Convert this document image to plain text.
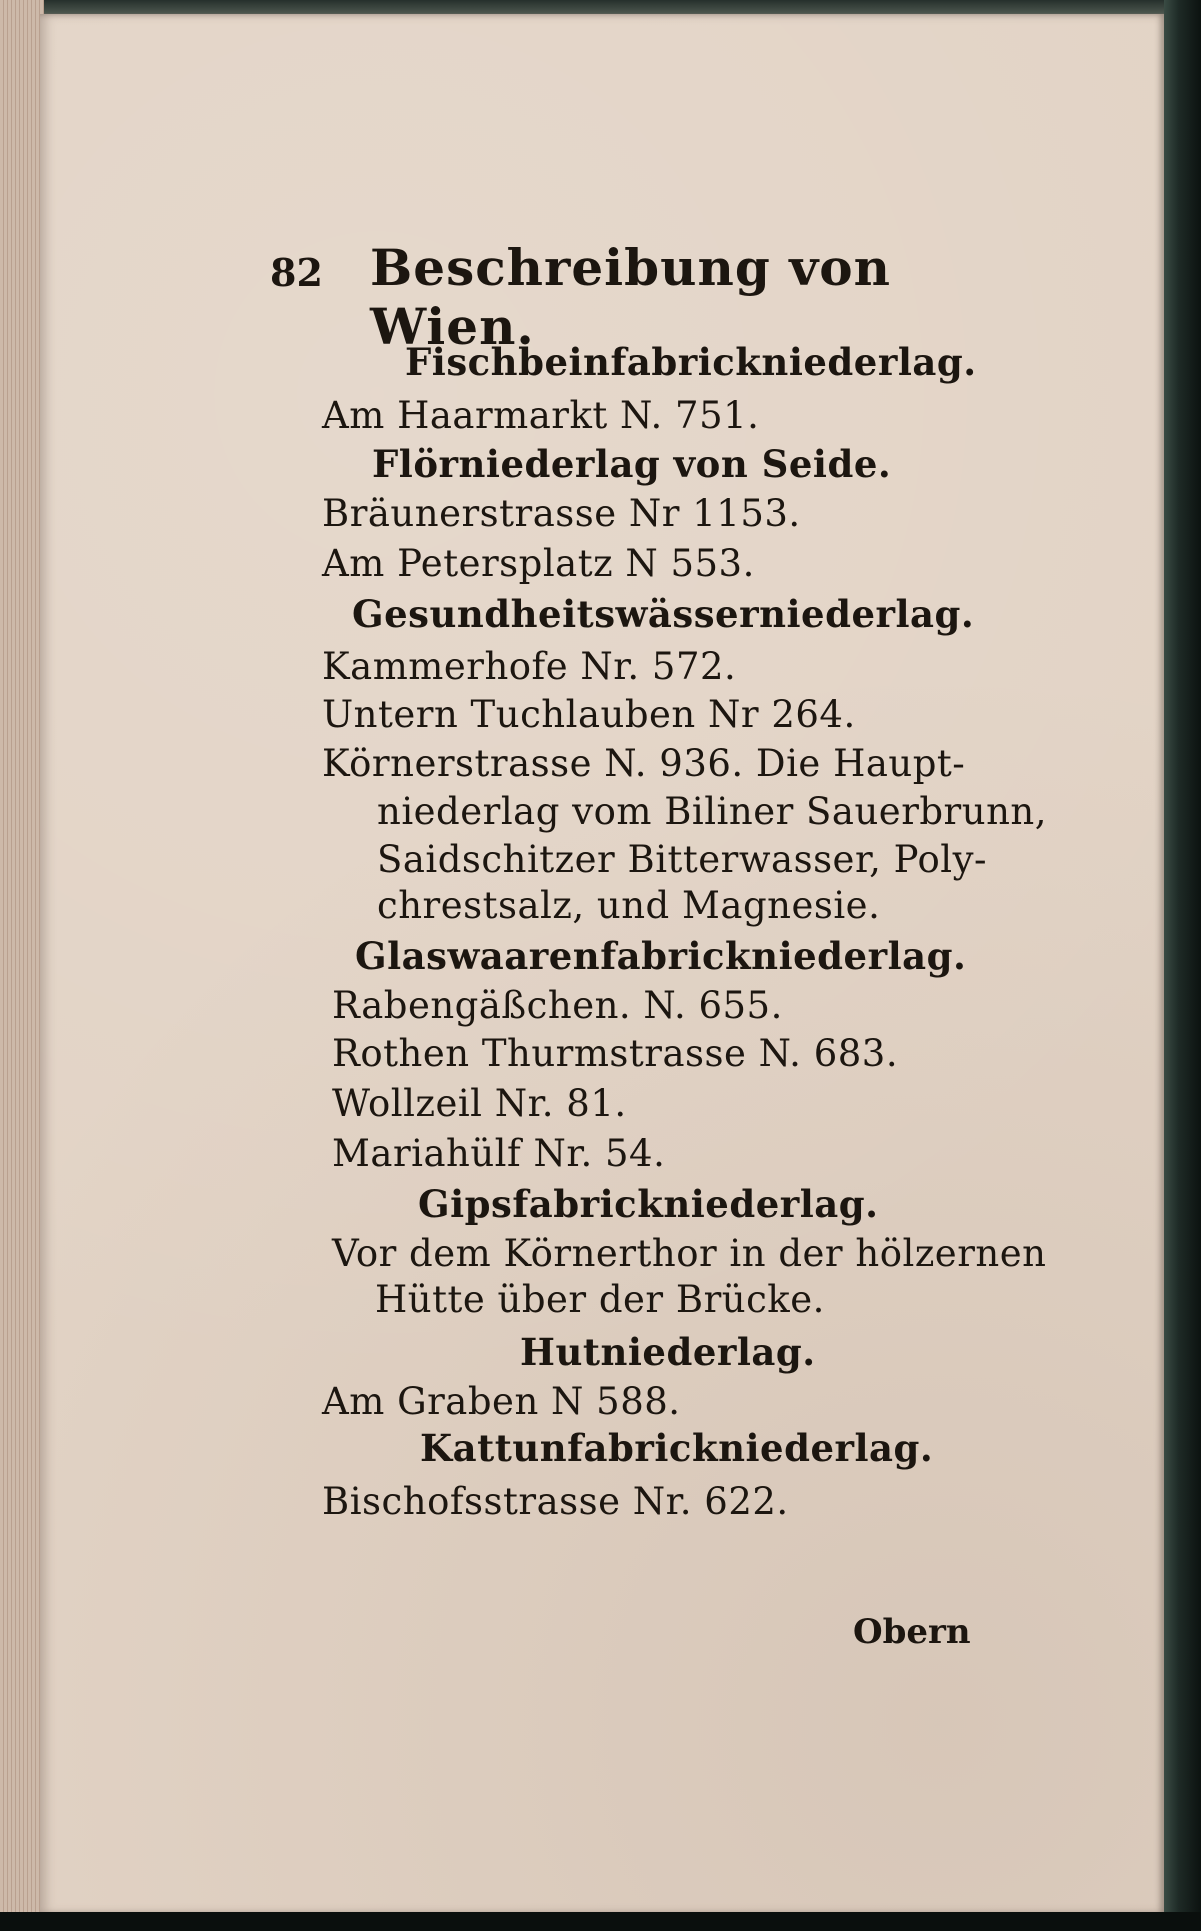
82 Beschreibung von Wien.
Fischbeinfabrickniederlag.
Am Haarmarkt N. 751.
Flörniederlag von Seide.
Bräunerstrasse Nr 1153.
Am Petersplatz N 553.
Gesundheitswässerniederlag.
Kammerhofe Nr. 572.
Untern Tuchlauben Nr 264.
Körnerstrasse N. 936. Die Haupt-
niederlag vom Biliner Sauerbrunn,
Saidschitzer Bitterwasser, Poly-
chrestsalz, und Magnesie.
Glaswaarenfabrickniederlag.
Rabengäßchen. N. 655.
Rothen Thurmstrasse N. 683.
Wollzeil Nr. 81.
Mariahülf Nr. 54.
Gipsfabrickniederlag.
Vor dem Körnerthor in der hölzernen
Hütte über der Brücke.
Hutniederlag.
Am Graben N 588.
Kattunfabrickniederlag.
Bischofsstrasse Nr. 622.
Obern
